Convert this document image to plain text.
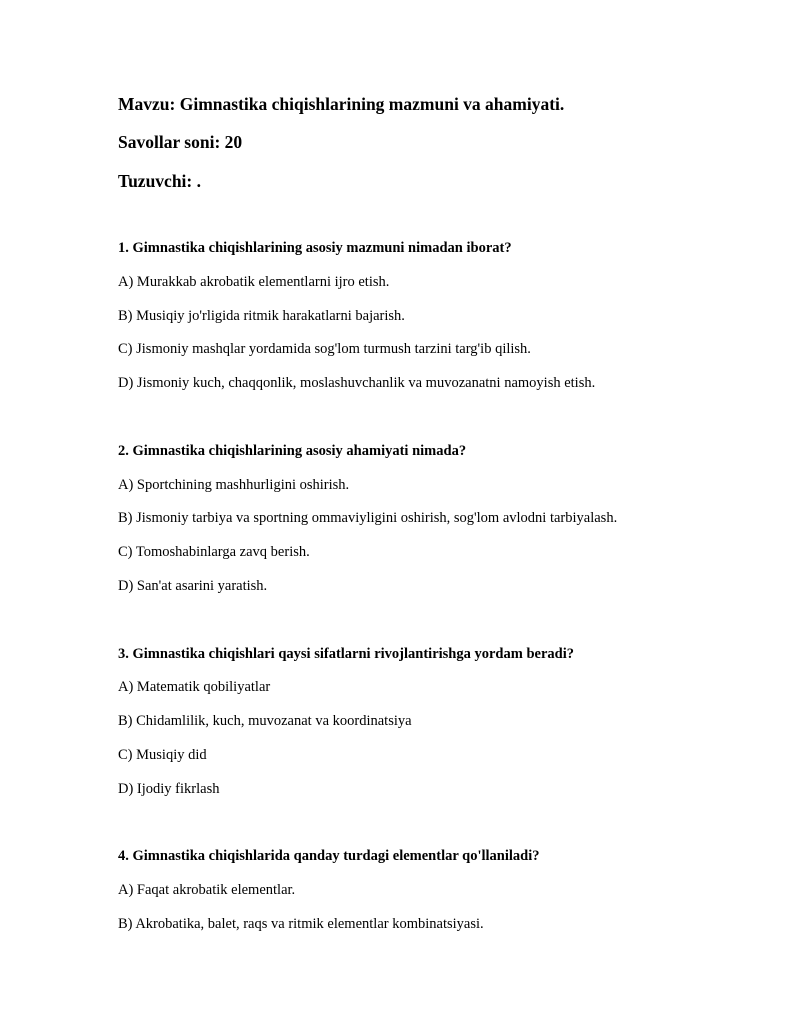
Mavzu: Gimnastika chiqishlarining mazmuni va ahamiyati.
Savollar soni: 20
Tuzuvchi: .
1. Gimnastika chiqishlarining asosiy mazmuni nimadan iborat?
A) Murakkab akrobatik elementlarni ijro etish.
B) Musiqiy jo'rligida ritmik harakatlarni bajarish.
C) Jismoniy mashqlar yordamida sog'lom turmush tarzini targ'ib qilish.
D) Jismoniy kuch, chaqqonlik, moslashuvchanlik va muvozanatni namoyish etish.
2. Gimnastika chiqishlarining asosiy ahamiyati nimada?
A) Sportchining mashhurligini oshirish.
B) Jismoniy tarbiya va sportning ommaviyligini oshirish, sog'lom avlodni tarbiyalash.
C) Tomoshabinlarga zavq berish.
D) San'at asarini yaratish.
3. Gimnastika chiqishlari qaysi sifatlarni rivojlantirishga yordam beradi?
A) Matematik qobiliyatlar
B) Chidamlilik, kuch, muvozanat va koordinatsiya
C) Musiqiy did
D) Ijodiy fikrlash
4. Gimnastika chiqishlarida qanday turdagi elementlar qo'llaniladi?
A) Faqat akrobatik elementlar.
B) Akrobatika, balet, raqs va ritmik elementlar kombinatsiyasi.
